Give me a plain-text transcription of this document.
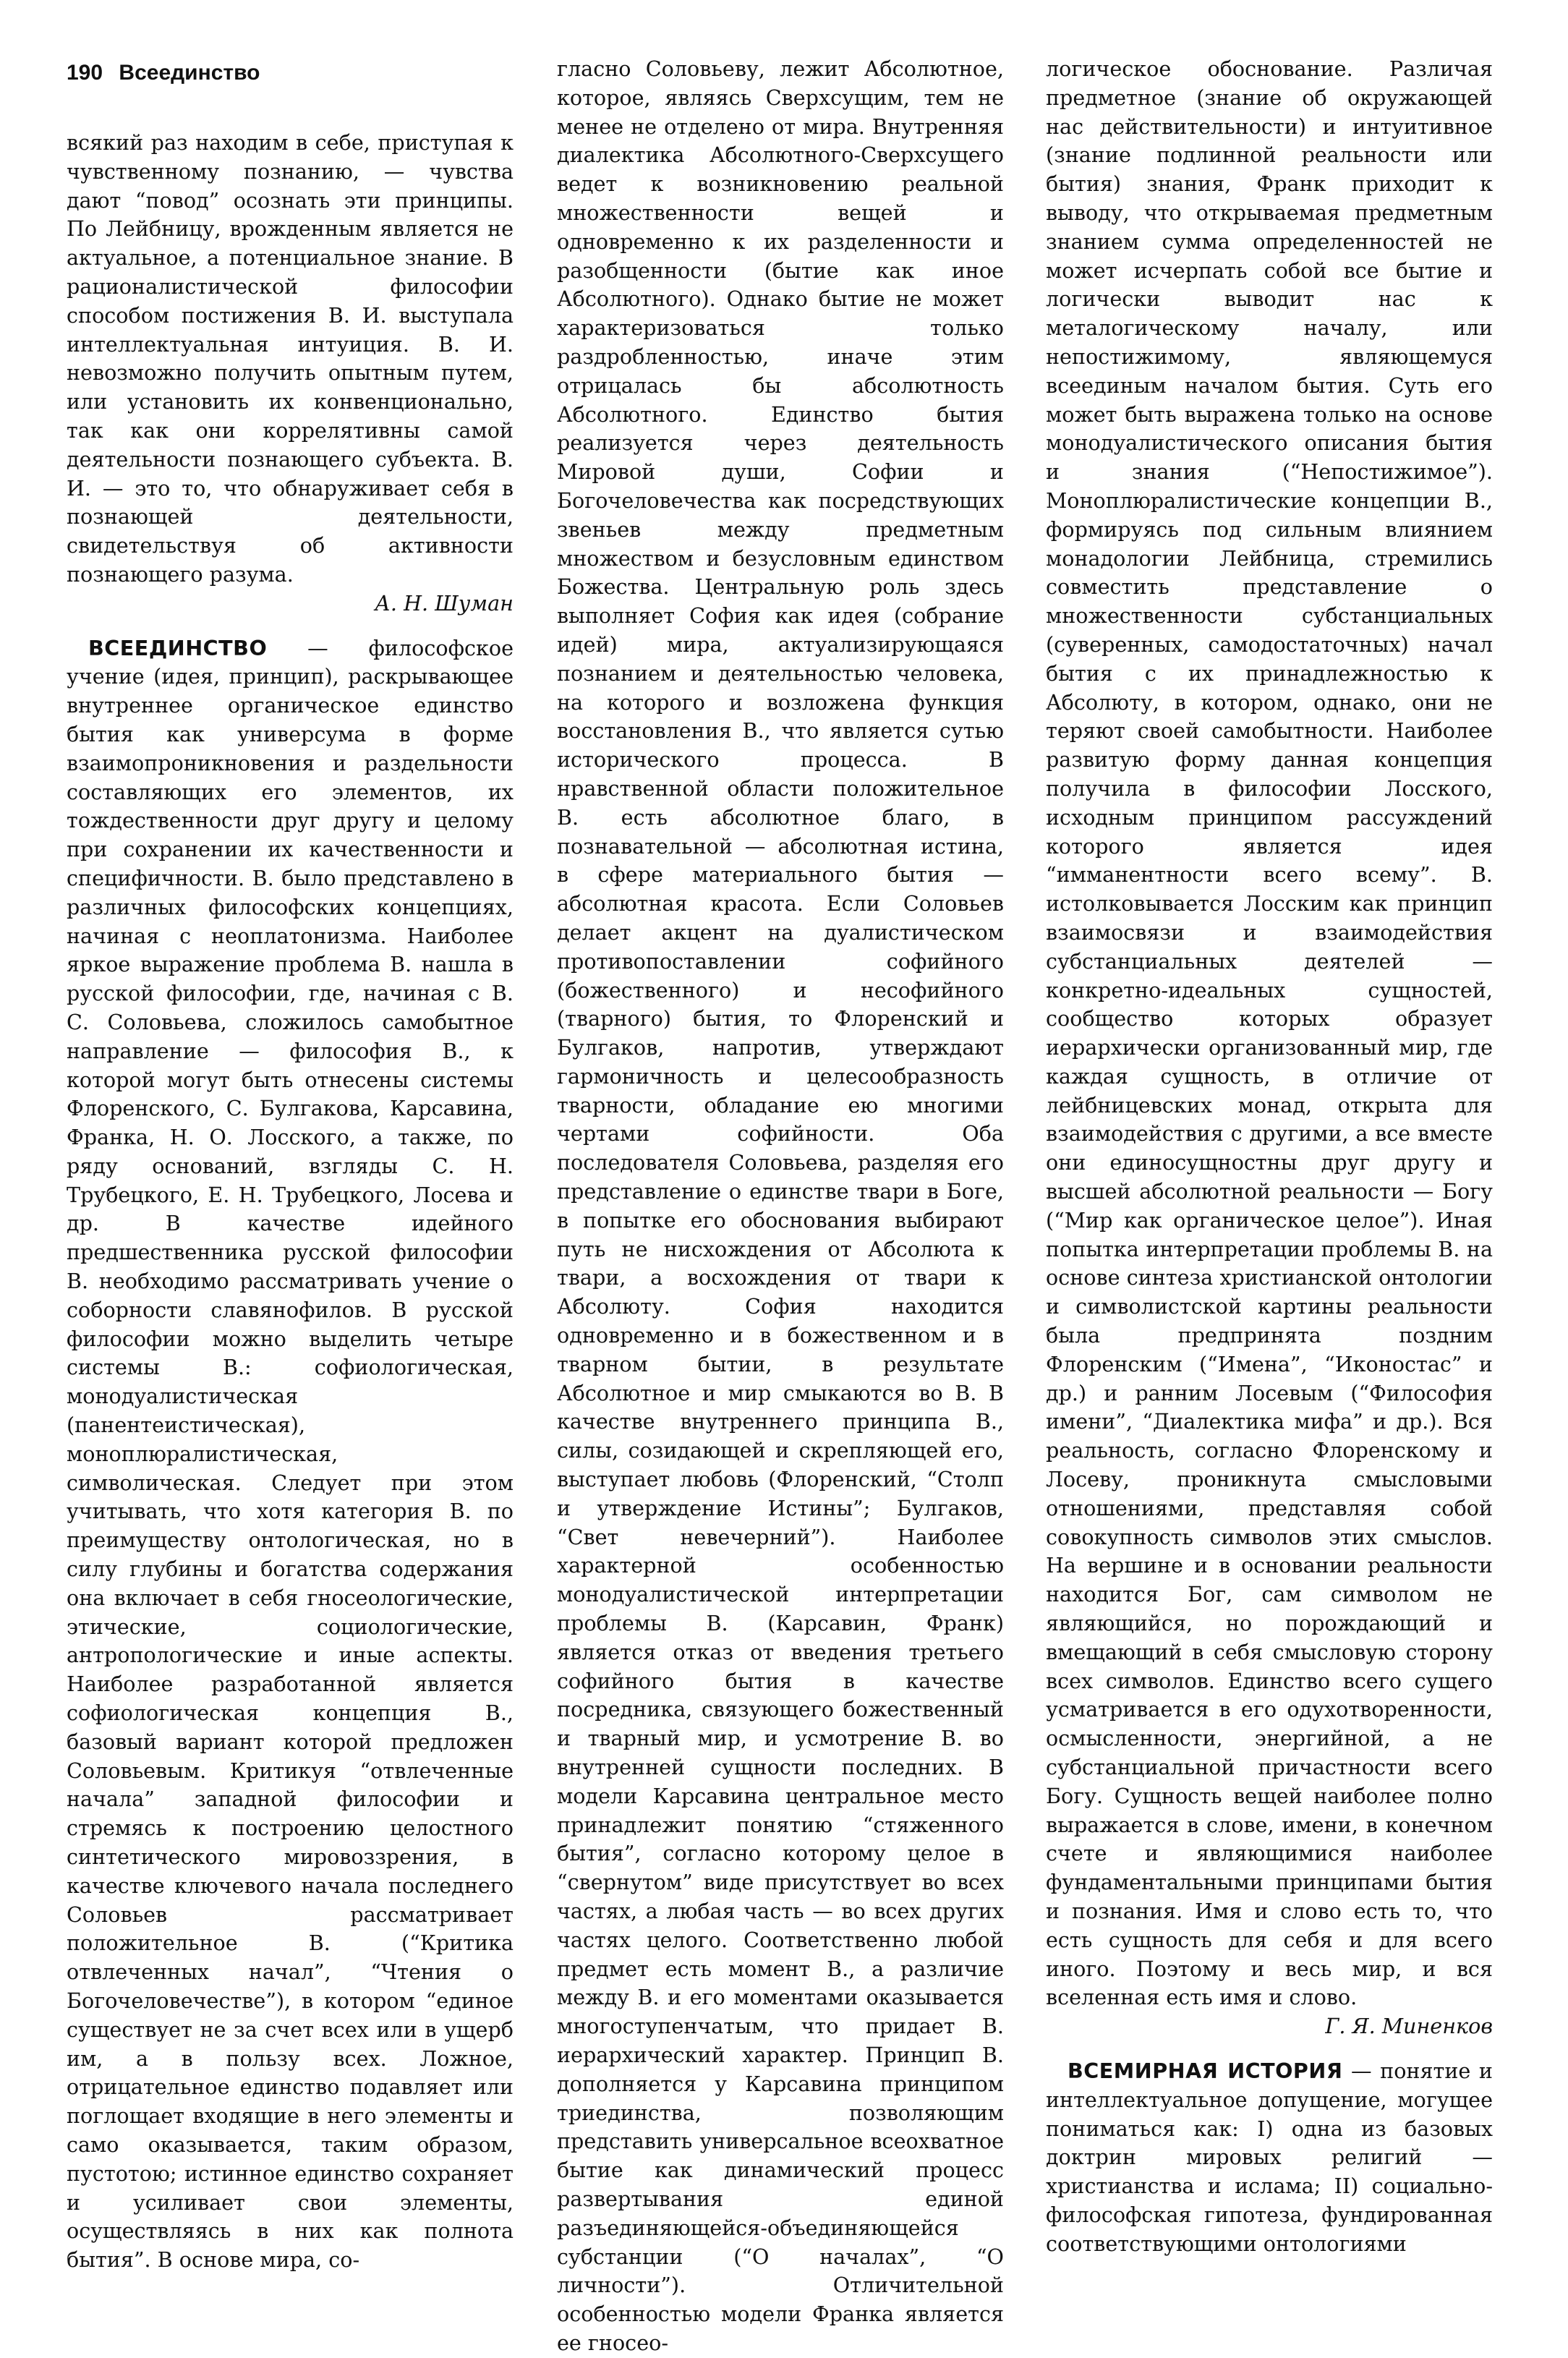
190 Всеединство

всякий раз находим в себе, приступая к чувственному познанию, — чувства дают “повод” осознать эти принципы. По Лейбницу, врожденным является не актуальное, а потенциальное знание. В рационалистической философии способом постижения В. И. выступала интеллектуальная интуиция. В. И. невозможно получить опытным путем, или установить их конвенционально, так как они коррелятивны самой деятельности познающего субъекта. В. И. — это то, что обнаруживает себя в познающей деятельности, свидетельствуя об активности познающего разума.

А. Н. Шуман

ВСЕЕДИНСТВО — философское учение (идея, принцип), раскрывающее внутреннее органическое единство бытия как универсума в форме взаимопроникновения и раздельности составляющих его элементов, их тождественности друг другу и целому при сохранении их качественности и специфичности. В. было представлено в различных философских концепциях, начиная с неоплатонизма. Наиболее яркое выражение проблема В. нашла в русской философии, где, начиная с В. С. Соловьева, сложилось самобытное направление — философия В., к которой могут быть отнесены системы Флоренского, С. Булгакова, Карсавина, Франка, Н. О. Лосского, а также, по ряду оснований, взгляды С. Н. Трубецкого, Е. Н. Трубецкого, Лосева и др. В качестве идейного предшественника русской философии В. необходимо рассматривать учение о соборности славянофилов. В русской философии можно выделить четыре системы В.: софиологическая, монодуалистическая (панентеистическая), моноплюралистическая, символическая. Следует при этом учитывать, что хотя категория В. по преимуществу онтологическая, но в силу глубины и богатства содержания она включает в себя гносеологические, этические, социологические, антропологические и иные аспекты. Наиболее разработанной является софиологическая концепция В., базовый вариант которой предложен Соловьевым. Критикуя “отвлеченные начала” западной философии и стремясь к построению целостного синтетического мировоззрения, в качестве ключевого начала последнего Соловьев рассматривает положительное В. (“Критика отвлеченных начал”, “Чтения о Богочеловечестве”), в котором “единое существует не за счет всех или в ущерб им, а в пользу всех. Ложное, отрицательное единство подавляет или поглощает входящие в него элементы и само оказывается, таким образом, пустотою; истинное единство сохраняет и усиливает свои элементы, осуществляясь в них как полнота бытия”. В основе мира, со-

гласно Соловьеву, лежит Абсолютное, которое, являясь Сверхсущим, тем не менее не отделено от мира. Внутренняя диалектика Абсолютного-Сверхсущего ведет к возникновению реальной множественности вещей и одновременно к их разделенности и разобщенности (бытие как иное Абсолютного). Однако бытие не может характеризоваться только раздробленностью, иначе этим отрицалась бы абсолютность Абсолютного. Единство бытия реализуется через деятельность Мировой души, Софии и Богочеловечества как посредствующих звеньев между предметным множеством и безусловным единством Божества. Центральную роль здесь выполняет София как идея (собрание идей) мира, актуализирующаяся познанием и деятельностью человека, на которого и возложена функция восстановления В., что является сутью исторического процесса. В нравственной области положительное В. есть абсолютное благо, в познавательной — абсолютная истина, в сфере материального бытия — абсолютная красота. Если Соловьев делает акцент на дуалистическом противопоставлении софийного (божественного) и несофийного (тварного) бытия, то Флоренский и Булгаков, напротив, утверждают гармоничность и целесообразность тварности, обладание ею многими чертами софийности. Оба последователя Соловьева, разделяя его представление о единстве твари в Боге, в попытке его обоснования выбирают путь не нисхождения от Абсолюта к твари, а восхождения от твари к Абсолюту. София находится одновременно и в божественном и в тварном бытии, в результате Абсолютное и мир смыкаются во В. В качестве внутреннего принципа В., силы, созидающей и скрепляющей его, выступает любовь (Флоренский, “Столп и утверждение Истины”; Булгаков, “Свет невечерний”). Наиболее характерной особенностью монодуалистической интерпретации проблемы В. (Карсавин, Франк) является отказ от введения третьего софийного бытия в качестве посредника, связующего божественный и тварный мир, и усмотрение В. во внутренней сущности последних. В модели Карсавина центральное место принадлежит понятию “стяженного бытия”, согласно которому целое в “свернутом” виде присутствует во всех частях, а любая часть — во всех других частях целого. Соответственно любой предмет есть момент В., а различие между В. и его моментами оказывается многоступенчатым, что придает В. иерархический характер. Принцип В. дополняется у Карсавина принципом триединства, позволяющим представить универсальное всеохватное бытие как динамический процесс развертывания единой разъединяющейся-объединяющейся субстанции (“О началах”, “О личности”). Отличительной особенностью модели Франка является ее гносео-

логическое обоснование. Различая предметное (знание об окружающей нас действительности) и интуитивное (знание подлинной реальности или бытия) знания, Франк приходит к выводу, что открываемая предметным знанием сумма определенностей не может исчерпать собой все бытие и логически выводит нас к металогическому началу, или непостижимому, являющемуся всеединым началом бытия. Суть его может быть выражена только на основе монодуалистического описания бытия и знания (“Непостижимое”). Моноплюралистические концепции В., формируясь под сильным влиянием монадологии Лейбница, стремились совместить представление о множественности субстанциальных (суверенных, самодостаточных) начал бытия с их принадлежностью к Абсолюту, в котором, однако, они не теряют своей самобытности. Наиболее развитую форму данная концепция получила в философии Лосского, исходным принципом рассуждений которого является идея “имманентности всего всему”. В. истолковывается Лосским как принцип взаимосвязи и взаимодействия субстанциальных деятелей — конкретно-идеальных сущностей, сообщество которых образует иерархически организованный мир, где каждая сущность, в отличие от лейбницевских монад, открыта для взаимодействия с другими, а все вместе они единосущностны друг другу и высшей абсолютной реальности — Богу (“Мир как органическое целое”). Иная попытка интерпретации проблемы В. на основе синтеза христианской онтологии и символистской картины реальности была предпринята поздним Флоренским (“Имена”, “Иконостас” и др.) и ранним Лосевым (“Философия имени”, “Диалектика мифа” и др.). Вся реальность, согласно Флоренскому и Лосеву, проникнута смысловыми отношениями, представляя собой совокупность символов этих смыслов. На вершине и в основании реальности находится Бог, сам символом не являющийся, но порождающий и вмещающий в себя смысловую сторону всех символов. Единство всего сущего усматривается в его одухотворенности, осмысленности, энергийной, а не субстанциальной причастности всего Богу. Сущность вещей наиболее полно выражается в слове, имени, в конечном счете и являющимися наиболее фундаментальными принципами бытия и познания. Имя и слово есть то, что есть сущность для себя и для всего иного. Поэтому и весь мир, и вся вселенная есть имя и слово.

Г. Я. Миненков

ВСЕМИРНАЯ ИСТОРИЯ — понятие и интеллектуальное допущение, могущее пониматься как: I) одна из базовых доктрин мировых религий — христианства и ислама; II) социально-философская гипотеза, фундированная соответствующими онтологиями
